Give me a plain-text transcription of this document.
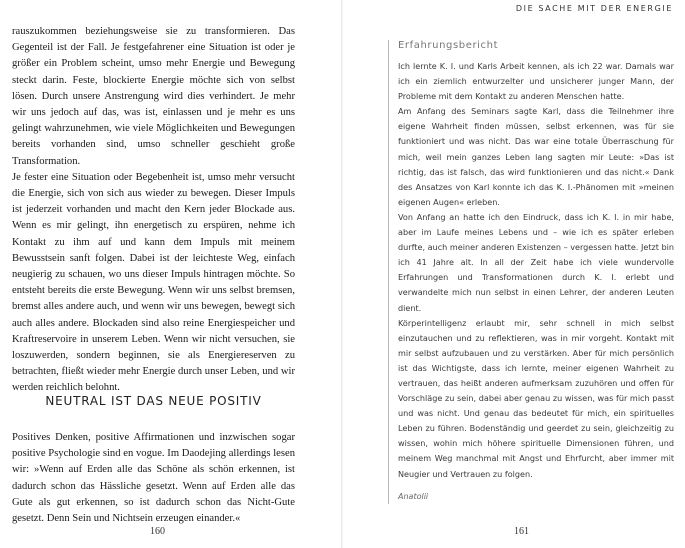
rauszukommen beziehungsweise sie zu transformieren. Das Gegenteil ist der Fall. Je festgefahrener eine Situation ist oder je größer ein Problem scheint, umso mehr Energie und Bewegung steckt darin. Feste, blockierte Energie möchte sich von selbst lösen. Durch unsere Anstrengung wird dies verhindert. Je mehr wir uns jedoch auf das, was ist, einlassen und je mehr es uns gelingt wahrzunehmen, wie viele Möglichkeiten und Bewegungen bereits vorhanden sind, umso schneller geschieht große Transformation.

Je fester eine Situation oder Begebenheit ist, umso mehr versucht die Energie, sich von sich aus wieder zu bewegen. Dieser Impuls ist jederzeit vorhanden und macht den Kern jeder Blockade aus. Wenn es mir gelingt, ihn energetisch zu erspüren, nehme ich Kontakt zu ihm auf und kann dem Impuls mit meinem Bewusstsein sanft folgen. Dabei ist der leichteste Weg, einfach neugierig zu schauen, wo uns dieser Impuls hintragen möchte. So entsteht bereits die erste Bewegung. Wenn wir uns selbst bremsen, bremst alles andere auch, und wenn wir uns bewegen, bewegt sich auch alles andere. Blockaden sind also reine Energiespeicher und Kraftreservoire in unserem Leben. Wenn wir nicht versuchen, sie loszuwerden, sondern beginnen, sie als Energiereserven zu betrachten, fließt wieder mehr Energie durch unser Leben, und wir werden reichlich belohnt.

NEUTRAL IST DAS NEUE POSITIV

Positives Denken, positive Affirmationen und inzwischen sogar positive Psychologie sind en vogue. Im Daodejing allerdings lesen wir: »Wenn auf Erden alle das Schöne als schön erkennen, ist dadurch schon das Hässliche gesetzt. Wenn auf Erden alle das Gute als gut erkennen, so ist dadurch schon das Nicht-Gute gesetzt. Denn Sein und Nichtsein erzeugen einander.«

160
DIE SACHE MIT DER ENERGIE
Erfahrungsbericht

Ich lernte K. I. und Karls Arbeit kennen, als ich 22 war. Damals war ich ein ziemlich entwurzelter und unsicherer junger Mann, der Probleme mit dem Kontakt zu anderen Menschen hatte.

Am Anfang des Seminars sagte Karl, dass die Teilnehmer ihre eigene Wahrheit finden müssen, selbst erkennen, was für sie funktioniert und was nicht. Das war eine totale Überraschung für mich, weil mein ganzes Leben lang sagten mir Leute: »Das ist richtig, das ist falsch, das wird funktionieren und das nicht.« Dank des Ansatzes von Karl konnte ich das K. I.-Phänomen mit »meinen eigenen Augen« erleben.

Von Anfang an hatte ich den Eindruck, dass ich K. I. in mir habe, aber im Laufe meines Lebens und – wie ich es später erleben durfte, auch meiner anderen Existenzen – vergessen hatte. Jetzt bin ich 41 Jahre alt. In all der Zeit habe ich viele wundervolle Erfahrungen und Transformationen durch K. I. erlebt und verwandelte mich nun selbst in einen Lehrer, der anderen Leuten dient.

Körperintelligenz erlaubt mir, sehr schnell in mich selbst einzutauchen und zu reflektieren, was in mir vorgeht. Kontakt mit mir selbst aufzubauen und zu verstärken. Aber für mich persönlich ist das Wichtigste, dass ich lernte, meiner eigenen Wahrheit zu vertrauen, das heißt anderen aufmerksam zuzuhören und offen für Vorschläge zu sein, dabei aber genau zu wissen, was für mich passt und was nicht. Und genau das bedeutet für mich, ein spirituelles Leben zu führen. Bodenständig und geerdet zu sein, gleichzeitig zu wissen, wohin mich höhere spirituelle Dimensionen führen, und meinem Weg manchmal mit Angst und Ehrfurcht, aber immer mit Neugier und Vertrauen zu folgen.

Anatolii
161
